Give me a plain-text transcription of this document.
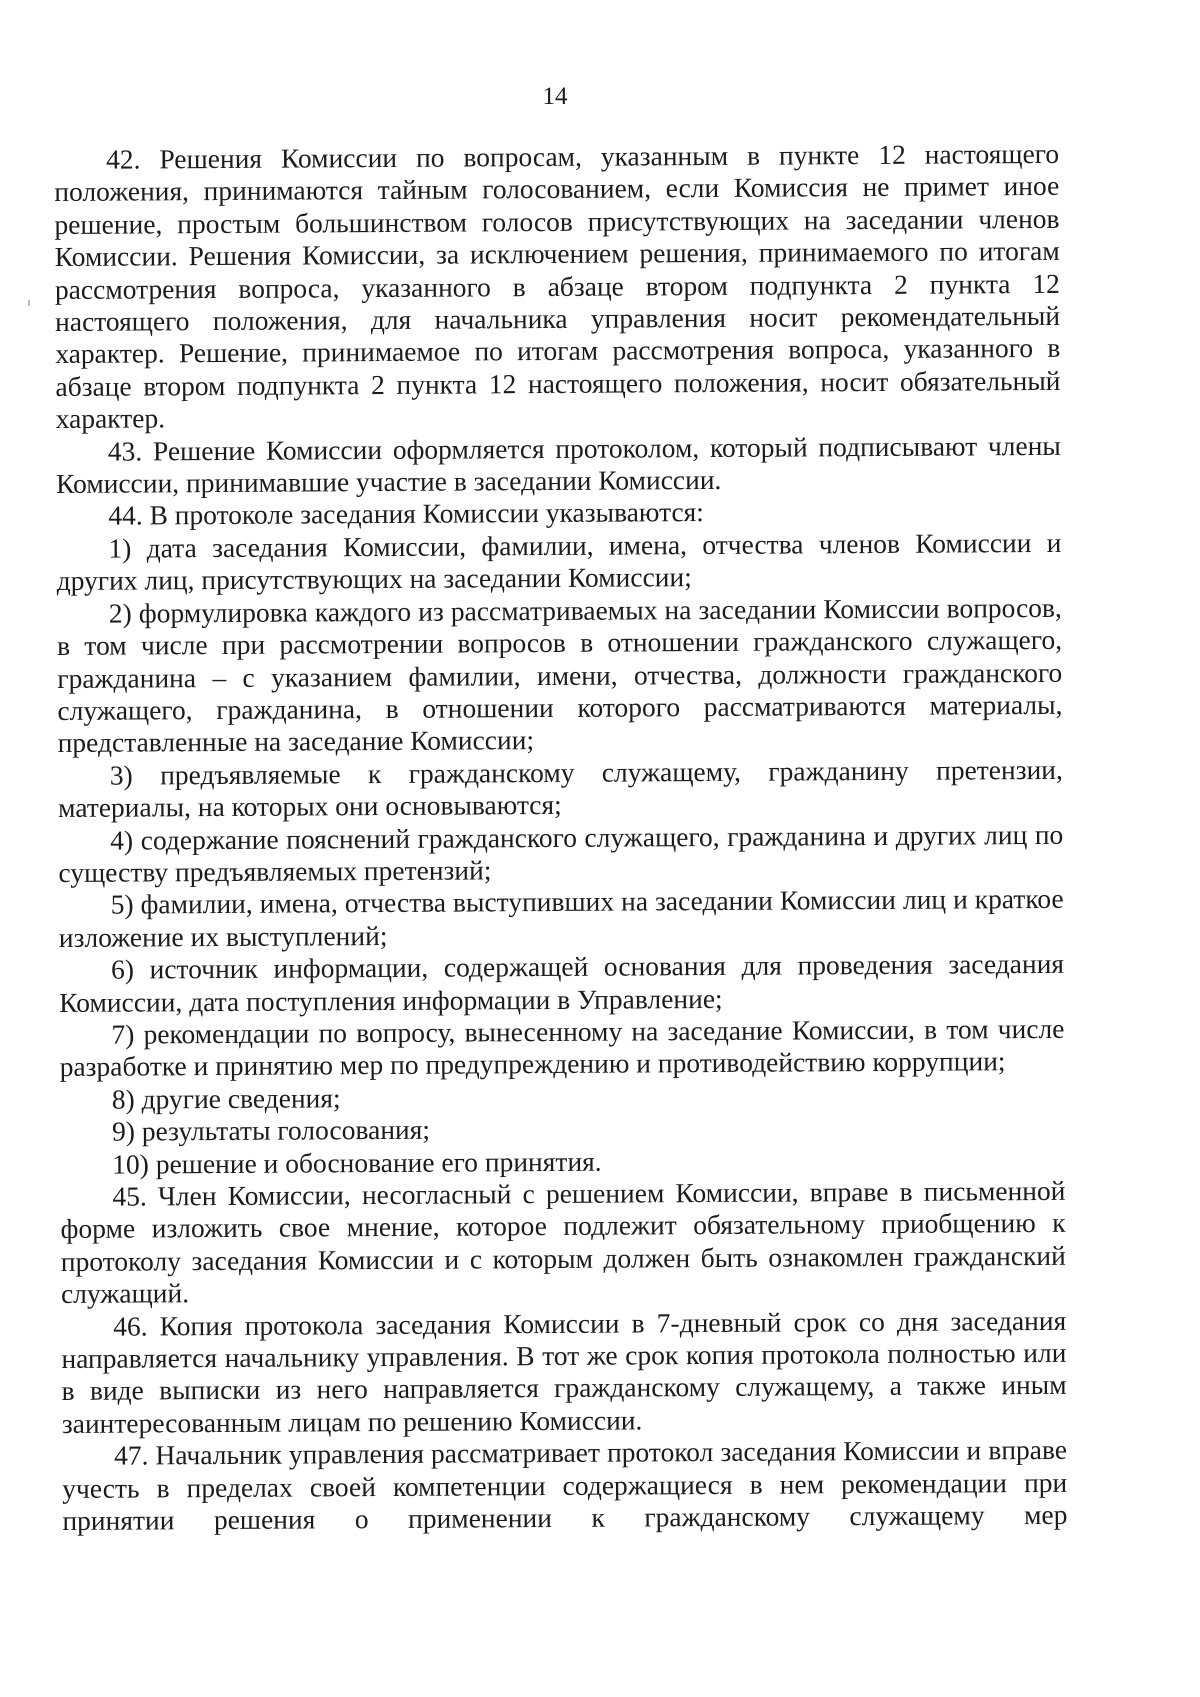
14

42. Решения Комиссии по вопросам, указанным в пункте 12 настоящего положения, принимаются тайным голосованием, если Комиссия не примет иное решение, простым большинством голосов присутствующих на заседании членов Комиссии. Решения Комиссии, за исключением решения, принимаемого по итогам рассмотрения вопроса, указанного в абзаце втором подпункта 2 пункта 12 настоящего положения, для начальника управления носит рекомендательный характер. Решение, принимаемое по итогам рассмотрения вопроса, указанного в абзаце втором подпункта 2 пункта 12 настоящего положения, носит обязательный характер.

43. Решение Комиссии оформляется протоколом, который подписывают члены Комиссии, принимавшие участие в заседании Комиссии.

44. В протоколе заседания Комиссии указываются:

1) дата заседания Комиссии, фамилии, имена, отчества членов Комиссии и других лиц, присутствующих на заседании Комиссии;

2) формулировка каждого из рассматриваемых на заседании Комиссии вопросов, в том числе при рассмотрении вопросов в отношении гражданского служащего, гражданина – с указанием фамилии, имени, отчества, должности гражданского служащего, гражданина, в отношении которого рассматриваются материалы, представленные на заседание Комиссии;

3) предъявляемые к гражданскому служащему, гражданину претензии, материалы, на которых они основываются;

4) содержание пояснений гражданского служащего, гражданина и других лиц по существу предъявляемых претензий;

5) фамилии, имена, отчества выступивших на заседании Комиссии лиц и краткое изложение их выступлений;

6) источник информации, содержащей основания для проведения заседания Комиссии, дата поступления информации в Управление;

7) рекомендации по вопросу, вынесенному на заседание Комиссии, в том числе разработке и принятию мер по предупреждению и противодействию коррупции;

8) другие сведения;

9) результаты голосования;

10) решение и обоснование его принятия.

45. Член Комиссии, несогласный с решением Комиссии, вправе в письменной форме изложить свое мнение, которое подлежит обязательному приобщению к протоколу заседания Комиссии и с которым должен быть ознакомлен гражданский служащий.

46. Копия протокола заседания Комиссии в 7-дневный срок со дня заседания направляется начальнику управления. В тот же срок копия протокола полностью или в виде выписки из него направляется гражданскому служащему, а также иным заинтересованным лицам по решению Комиссии.

47. Начальник управления рассматривает протокол заседания Комиссии и вправе учесть в пределах своей компетенции содержащиеся в нем рекомендации при принятии решения о применении к гражданскому служащему мер
